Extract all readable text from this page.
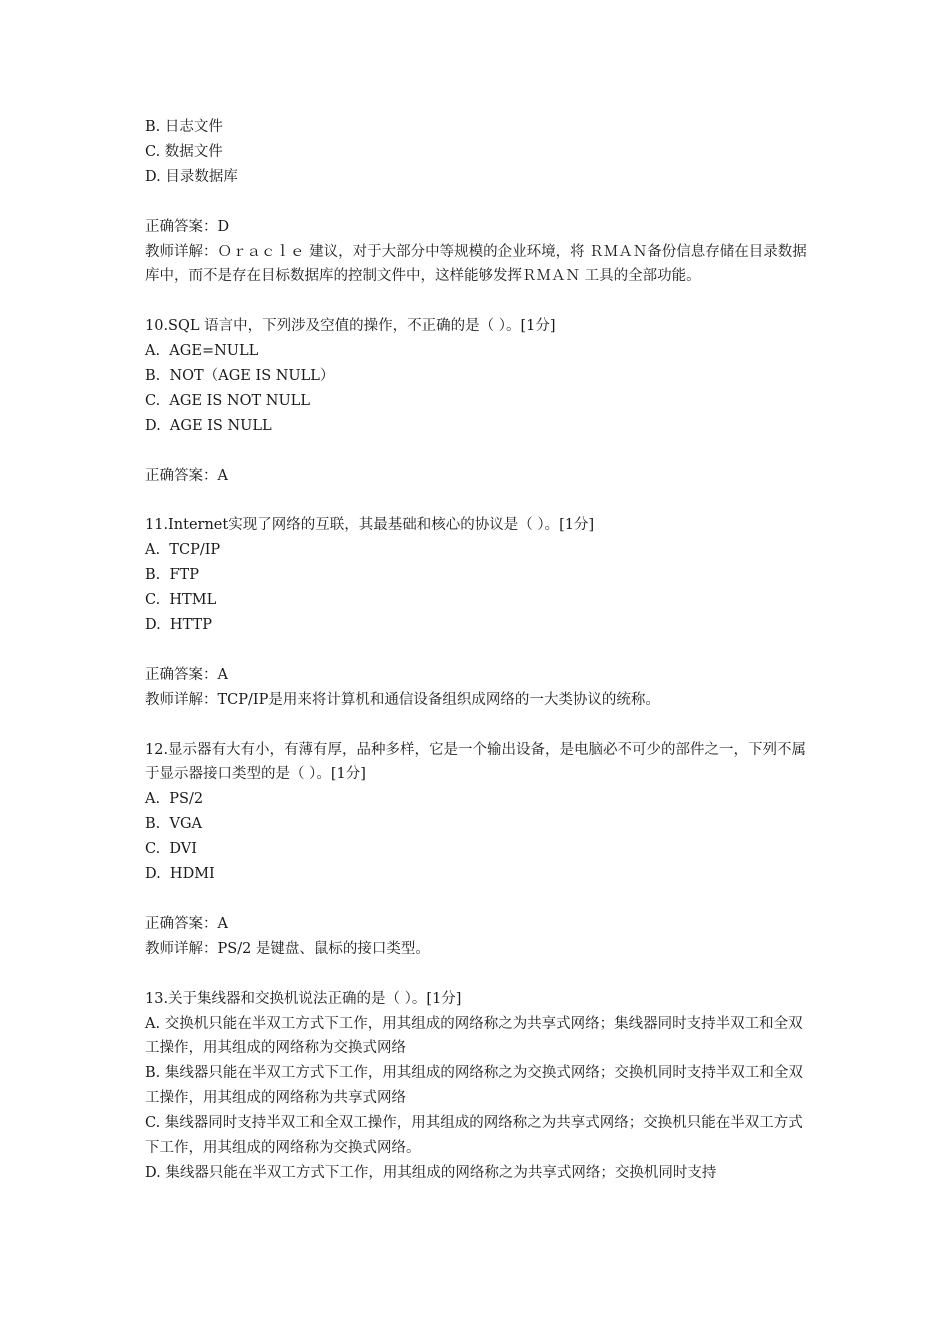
B. 日志文件
C. 数据文件
D. 目录数据库
正确答案：D
教师详解：Ｏｒａｃｌｅ 建议，对于大部分中等规模的企业环境，将 ＲＭＡＮ备份信息存储在目录数据库中，而不是存在目标数据库的控制文件中，这样能够发挥ＲＭＡＮ 工具的全部功能。
10.SQL 语言中，下列涉及空值的操作，不正确的是（ ）。[1分]
A.  AGE=NULL
B.  NOT（AGE IS NULL）
C.  AGE IS NOT NULL
D.  AGE IS NULL
正确答案：A
11.Internet实现了网络的互联，其最基础和核心的协议是（ ）。[1分]
A.  TCP/IP
B.  FTP
C.  HTML
D.  HTTP
正确答案：A
教师详解：TCP/IP是用来将计算机和通信设备组织成网络的一大类协议的统称。
12.显示器有大有小，有薄有厚，品种多样，它是一个输出设备，是电脑必不可少的部件之一，下列不属于显示器接口类型的是（ ）。[1分]
A.  PS/2
B.  VGA
C.  DVI
D.  HDMI
正确答案：A
教师详解：PS/2 是键盘、鼠标的接口类型。
13.关于集线器和交换机说法正确的是（ ）。[1分]
A. 交换机只能在半双工方式下工作，用其组成的网络称之为共享式网络；集线器同时支持半双工和全双工操作，用其组成的网络称为交换式网络
B. 集线器只能在半双工方式下工作，用其组成的网络称之为交换式网络；交换机同时支持半双工和全双工操作，用其组成的网络称为共享式网络
C. 集线器同时支持半双工和全双工操作，用其组成的网络称之为共享式网络；交换机只能在半双工方式下工作，用其组成的网络称为交换式网络。
D. 集线器只能在半双工方式下工作，用其组成的网络称之为共享式网络；交换机同时支持
